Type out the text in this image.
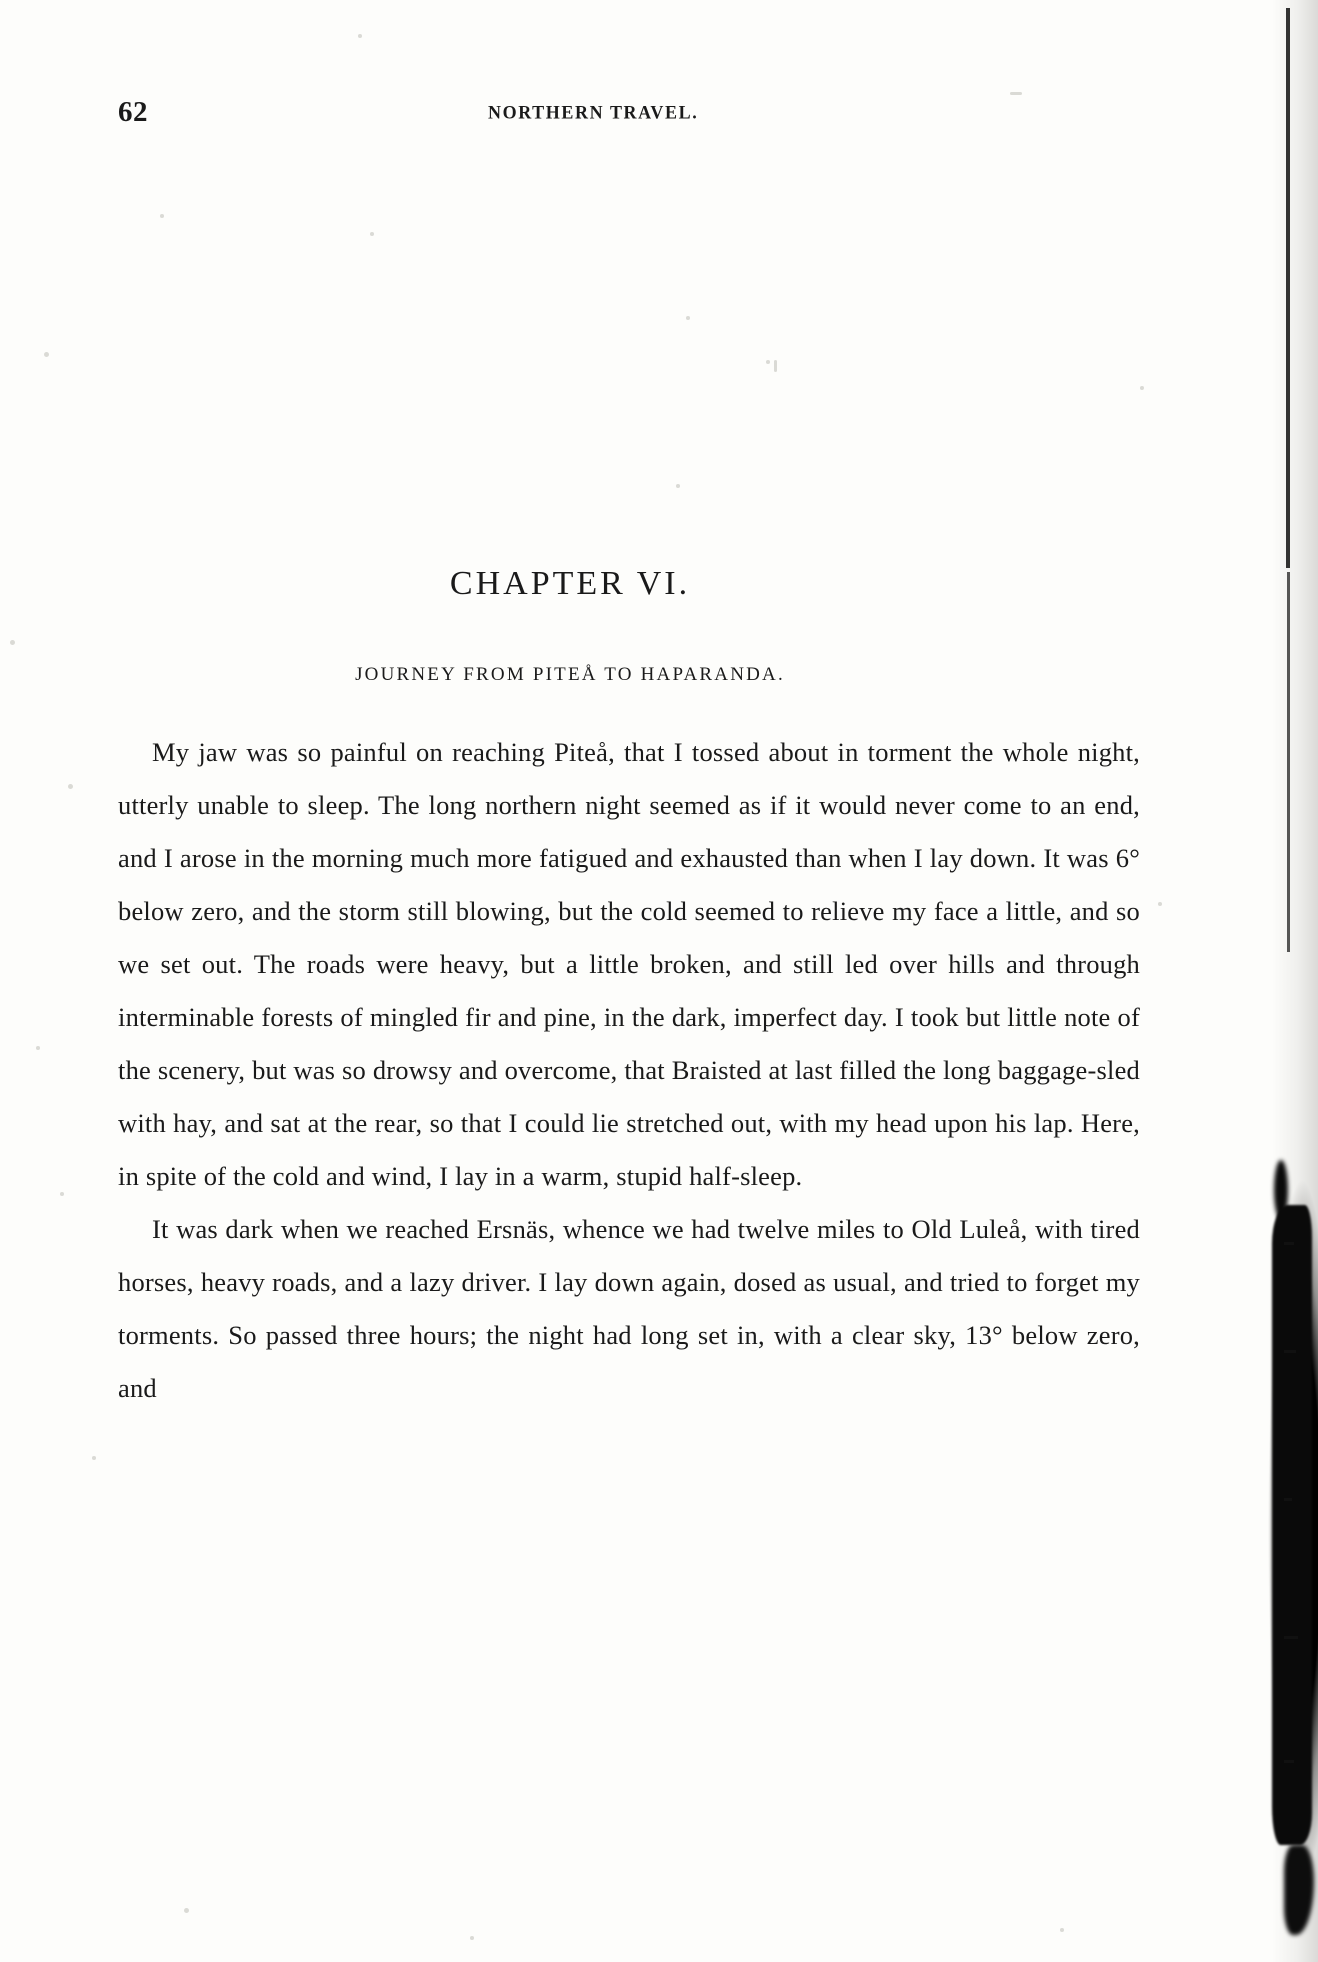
62	NORTHERN TRAVEL.
CHAPTER VI.
JOURNEY FROM PITEÅ TO HAPARANDA.

My jaw was so painful on reaching Piteå, that I tossed about in torment the whole night, utterly unable to sleep. The long northern night seemed as if it would never come to an end, and I arose in the morning much more fatigued and exhausted than when I lay down. It was 6° below zero, and the storm still blowing, but the cold seemed to relieve my face a little, and so we set out. The roads were heavy, but a little broken, and still led over hills and through interminable forests of mingled fir and pine, in the dark, imperfect day. I took but little note of the scenery, but was so drowsy and overcome, that Braisted at last filled the long baggage-sled with hay, and sat at the rear, so that I could lie stretched out, with my head upon his lap. Here, in spite of the cold and wind, I lay in a warm, stupid half-sleep.

It was dark when we reached Ersnäs, whence we had twelve miles to Old Luleå, with tired horses, heavy roads, and a lazy driver. I lay down again, dosed as usual, and tried to forget my torments. So passed three hours; the night had long set in, with a clear sky, 13° below zero, and
